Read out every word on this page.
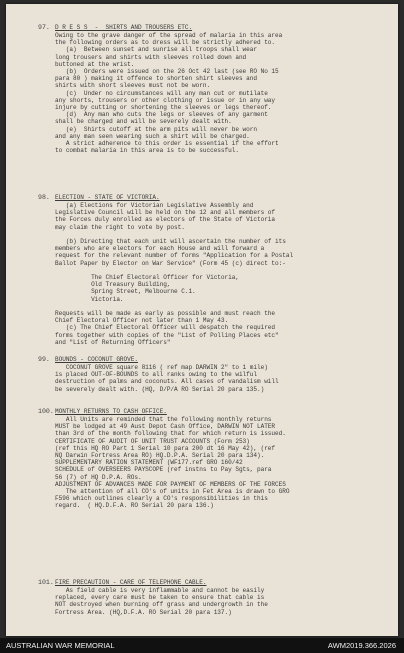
97. D R E S S  -  SHIRTS AND TROUSERS ETC.
Owing to the grave danger of the spread of malaria in this area
the following orders as to dress will be strictly adhered to.
(a)  Between sunset and sunrise all troops shall wear
long trousers and shirts with sleeves rolled down and
buttoned at the wrist.
(b)  Orders were issued on the 26 Oct 42 last (see RO No 15
para 80 ) making it offence to shorten shirt sleeves and
shirts with short sleeves must not be worn.
(c)  Under no circumstances will any man cut or mutilate
any shorts, trousers or other clothing or issue or in any way
injure by cutting or shortening the sleeves or legs thereof.
(d)  Any man who cuts the legs or sleeves of any garment
shall be charged and will be severely dealt with.
(e)  Shirts cutoff at the arm pits will never be worn
and any man seen wearing such a shirt will be charged.
A strict adherence to this order is essential if the effort
to combat malaria in this area is to be successful.
98. ELECTION - STATE OF VICTORIA.
(a) Elections for Victorian Legislative Assembly and
Legislative Council will be held on the 12 and all members of
the Forces duly enrolled as electors of the State of Victoria
may claim the right to vote by post.
(b) Directing that each unit will ascertain the number of its
members who are electors for each House and will forward a
request for the relevant number of forms "Application for a Postal
Ballot Paper by Elector on War Service" (Form 45 (c) direct to:-
The Chief Electoral Officer for Victoria,
Old Treasury Building,
Spring Street, Melbourne C.1.
Victoria.
Requests will be made as early as possible and must reach the
Chief Electoral Officer not later than 1 May 43.
(c) The Chief Electoral Officer will despatch the required
forms together with copies of the "List of Polling Places etc"
and "List of Returning Officers"
99. BOUNDS - COCONUT GROVE.
COCONUT GROVE square 8116 ( ref map DARWIN 2" to 1 mile)
is placed OUT-OF-BOUNDS to all ranks owing to the wilful
destruction of palms and coconuts. All cases of vandalism will
be severely dealt with. (HQ, D/P/A RO Serial 20 para 135.)
100. MONTHLY RETURNS TO CASH OFFICE.
All Units are reminded that the following monthly returns
MUST be lodged at 49 Aust Depot Cash Office, DARWIN NOT LATER
than 3rd of the month following that for which return is issued.
CERTIFICATE OF AUDIT OF UNIT TRUST ACCOUNTS (Form 253)
(ref this HQ RO Part 1 Serial 10 para 200 dt 16 May 42), (ref
NQ Darwin Fortress Area RO) HQ.D.P.A. Serial 20 para 134).
SUPPLEMENTARY RATION STATEMENT (WF177.ref GRO 160/42
SCHEDULE of OVERSEERS PAYSCOPE (ref instns to Pay Sgts, para
56 (7) of HQ D.P.A. ROs.
ADJUSTMENT OF ADVANCES MADE FOR PAYMENT OF MEMBERS OF THE FORCES
The attention of all CO's of units in Fet Area is drawn to GRO
F596 which outlines clearly a CO's responsibilities in this
regard.  ( HQ.D.F.A. RO Serial 20 para 136.)
101. FIRE PRECAUTION - CARE OF TELEPHONE CABLE.
As field cable is very inflammable and cannot be easily
replaced, every care must be taken to ensure that cable is
NOT destroyed when burning off grass and undergrowth in the
Fortress Area. (HQ,D.F.A. RO Serial 20 para 137.)
AUSTRALIAN WAR MEMORIAL	AWM2019.366.2026
